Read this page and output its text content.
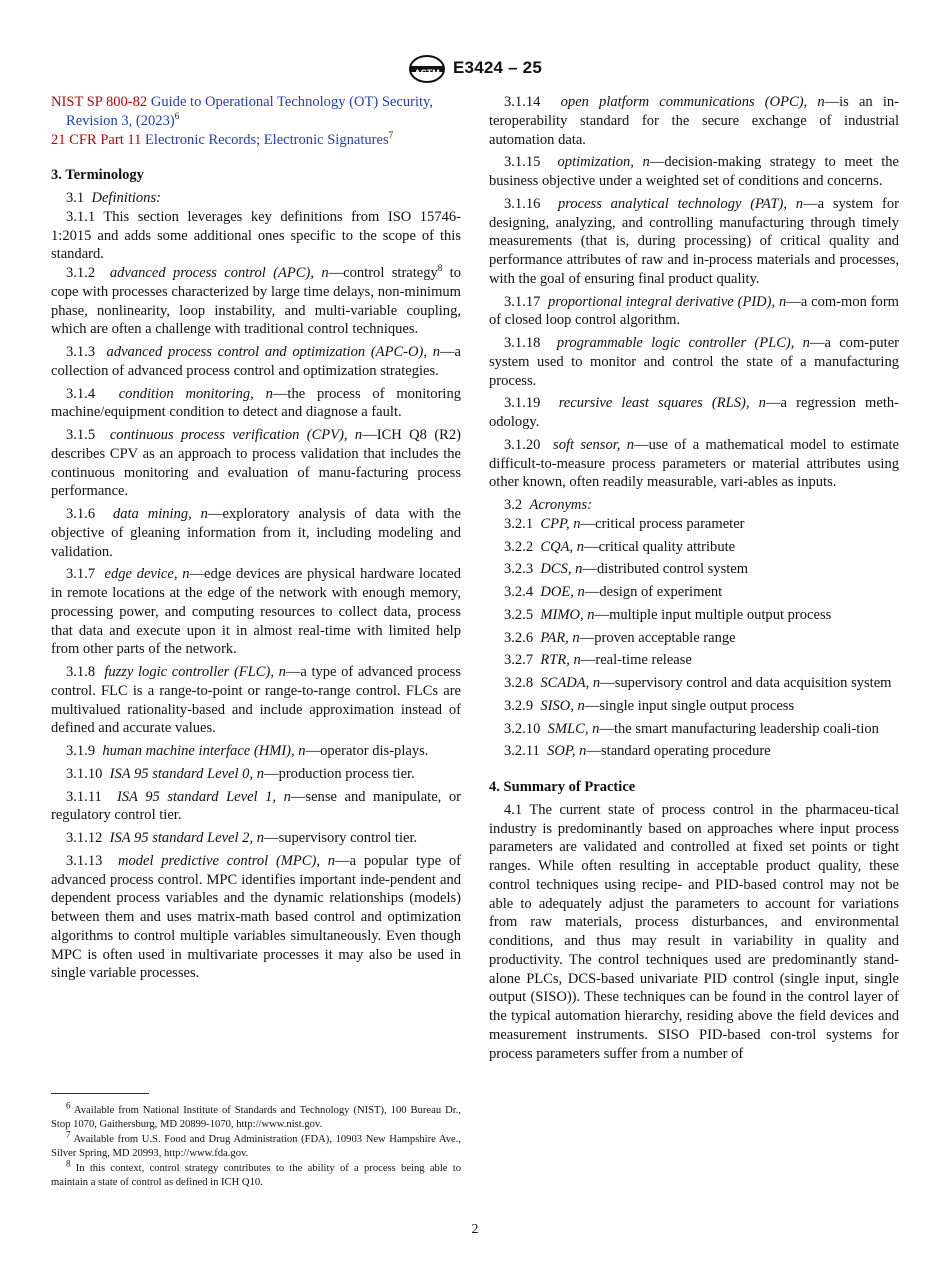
ASTM E3424 – 25

NIST SP 800-82 Guide to Operational Technology (OT) Security, Revision 3, $(2023)^6$

21 CFR Part 11 Electronic Records; Electronic Signatures$^7$

3. Terminology

3.1 Definitions:

3.1.1 This section leverages key definitions from ISO 15746-1:2015 and adds some additional ones specific to the scope of this standard.

3.1.2 advanced process control (APC), n—control strategy$^8$ to cope with processes characterized by large time delays, non-minimum phase, nonlinearity, loop instability, and multi-variable coupling, which are often a challenge with traditional control techniques.

3.1.3 advanced process control and optimization (APC-O), n—a collection of advanced process control and optimization strategies.

3.1.4 condition monitoring, n—the process of monitoring machine/equipment condition to detect and diagnose a fault.

3.1.5 continuous process verification (CPV), n—ICH Q8 (R2) describes CPV as an approach to process validation that includes the continuous monitoring and evaluation of manu-facturing process performance.

3.1.6 data mining, n—exploratory analysis of data with the objective of gleaning information from it, including modeling and validation.

3.1.7 edge device, n—edge devices are physical hardware located in remote locations at the edge of the network with enough memory, processing power, and computing resources to collect data, process that data and execute upon it in almost real-time with limited help from other parts of the network.

3.1.8 fuzzy logic controller (FLC), n—a type of advanced process control. FLC is a range-to-point or range-to-range control. FLCs are multivalued rationality-based and include approximation instead of defined and accurate values.

3.1.9 human machine interface (HMI), n—operator dis-plays.

3.1.10 ISA 95 standard Level 0, n—production process tier.

3.1.11 ISA 95 standard Level 1, n—sense and manipulate, or regulatory control tier.

3.1.12 ISA 95 standard Level 2, n—supervisory control tier.

3.1.13 model predictive control (MPC), n—a popular type of advanced process control. MPC identifies important inde-pendent and dependent process variables and the dynamic relationships (models) between them and uses matrix-math based control and optimization algorithms to control multiple variables simultaneously. Even though MPC is often used in multivariate processes it may also be used in single variable processes.

$^6$ Available from National Institute of Standards and Technology (NIST), 100 Bureau Dr., Stop 1070, Gaithersburg, MD 20899-1070, http://www.nist.gov.

$^7$ Available from U.S. Food and Drug Administration (FDA), 10903 New Hampshire Ave., Silver Spring, MD 20993, http://www.fda.gov.

$^8$ In this context, control strategy contributes to the ability of a process being able to maintain a state of control as defined in ICH Q10.

3.1.14 open platform communications (OPC), n—is an in-teroperability standard for the secure exchange of industrial automation data.

3.1.15 optimization, n—decision-making strategy to meet the business objective under a weighted set of conditions and concerns.

3.1.16 process analytical technology (PAT), n—a system for designing, analyzing, and controlling manufacturing through timely measurements (that is, during processing) of critical quality and performance attributes of raw and in-process materials and processes, with the goal of ensuring final product quality.

3.1.17 proportional integral derivative (PID), n—a com-mon form of closed loop control algorithm.

3.1.18 programmable logic controller (PLC), n—a com-puter system used to monitor and control the state of a manufacturing process.

3.1.19 recursive least squares (RLS), n—a regression meth-odology.

3.1.20 soft sensor, n—use of a mathematical model to estimate difficult-to-measure process parameters or material attributes using other known, often readily measurable, vari-ables as inputs.

3.2 Acronyms:

3.2.1 CPP, n—critical process parameter

3.2.2 CQA, n—critical quality attribute

3.2.3 DCS, n—distributed control system

3.2.4 DOE, n—design of experiment

3.2.5 MIMO, n—multiple input multiple output process

3.2.6 PAR, n—proven acceptable range

3.2.7 RTR, n—real-time release

3.2.8 SCADA, n—supervisory control and data acquisition system

3.2.9 SISO, n—single input single output process

3.2.10 SMLC, n—the smart manufacturing leadership coali-tion

3.2.11 SOP, n—standard operating procedure

4. Summary of Practice

4.1 The current state of process control in the pharmaceu-tical industry is predominantly based on approaches where input process parameters are validated and controlled at fixed set points or tight ranges. While often resulting in acceptable product quality, these control techniques using recipe- and PID-based control may not be able to adequately adjust the parameters to account for variations from raw materials, process disturbances, and environmental conditions, and thus may result in variability in quality and productivity. The control techniques used are predominantly stand-alone PLCs, DCS-based univariate PID control (single input, single output (SISO)). These techniques can be found in the control layer of the typical automation hierarchy, residing above the field devices and measurement instruments. SISO PID-based con-trol systems for process parameters suffer from a number of

2
